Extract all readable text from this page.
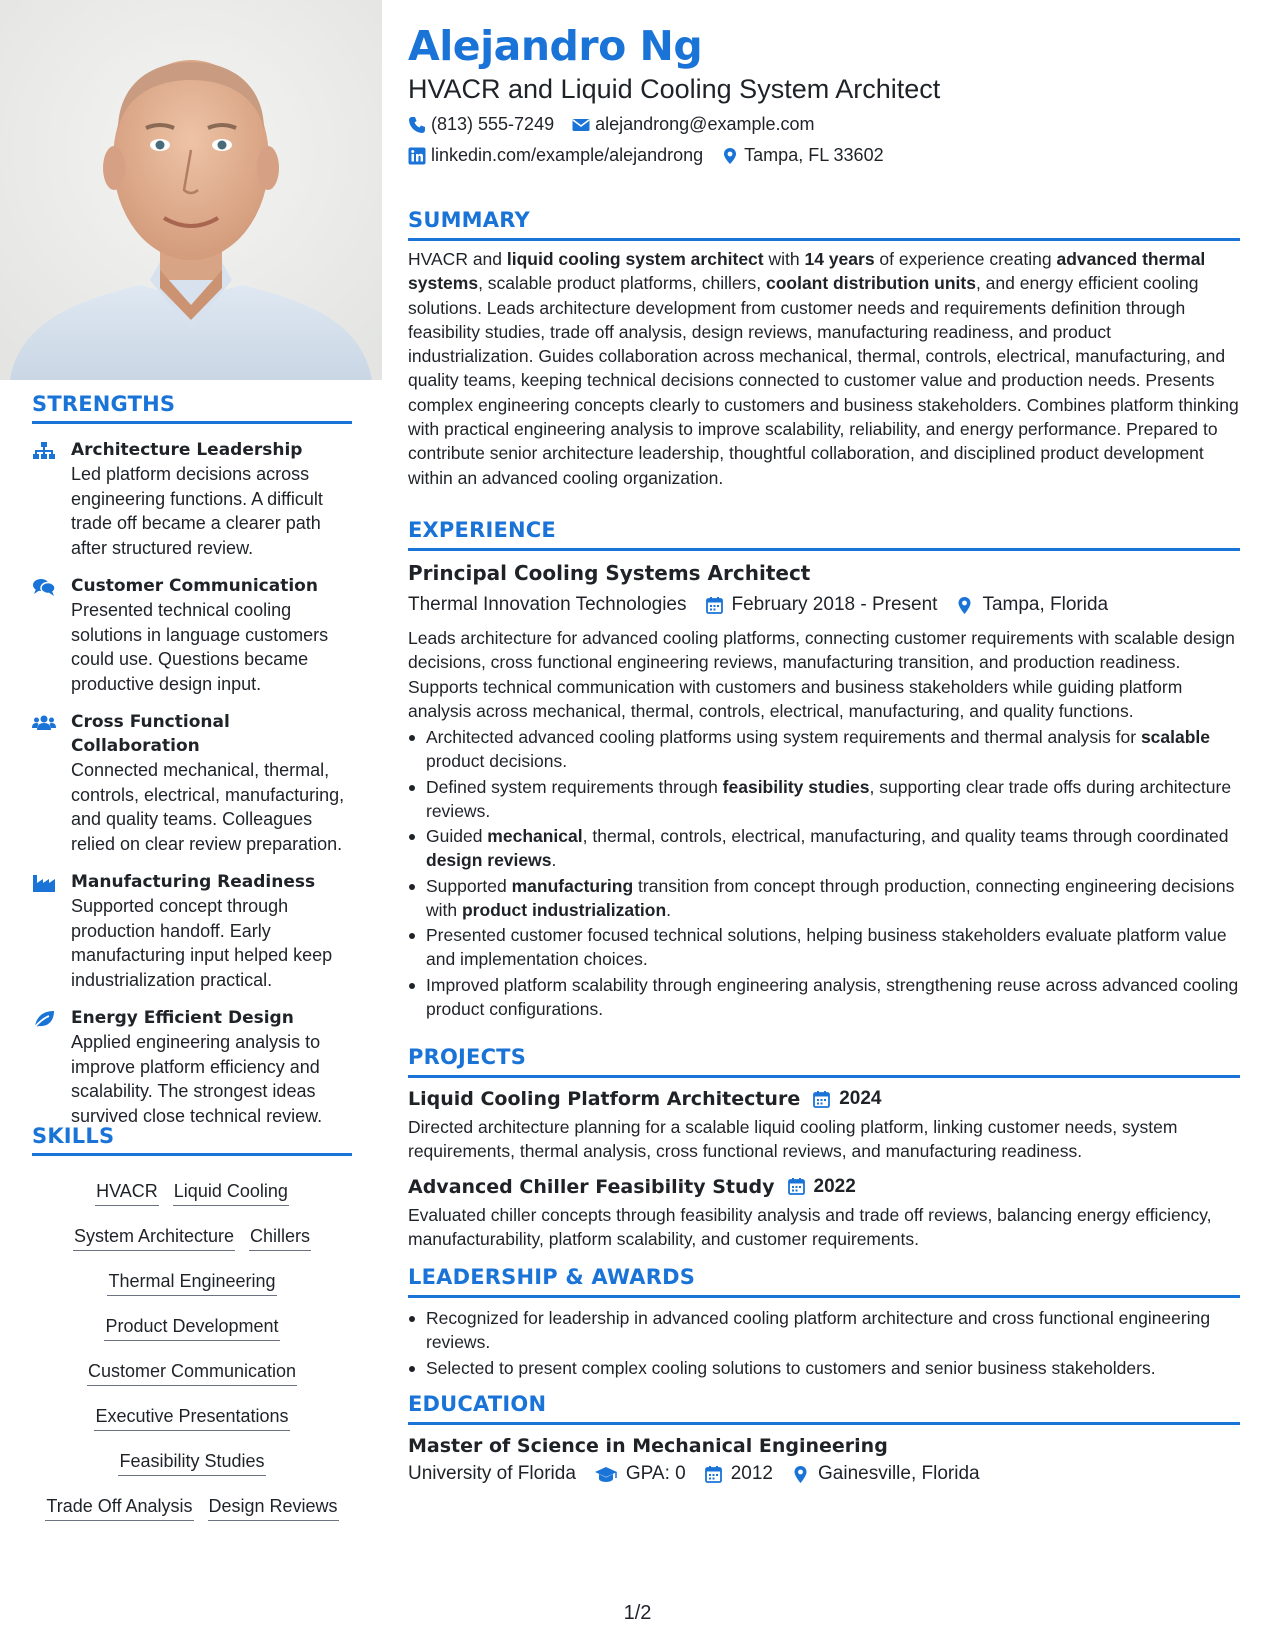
STRENGTHS
Architecture Leadership
Led platform decisions across engineering functions. A difficult trade off became a clearer path after structured review.
Customer Communication
Presented technical cooling solutions in language customers could use. Questions became productive design input.
Cross Functional Collaboration
Connected mechanical, thermal, controls, electrical, manufacturing, and quality teams. Colleagues relied on clear review preparation.
Manufacturing Readiness
Supported concept through production handoff. Early manufacturing input helped keep industrialization practical.
Energy Efficient Design
Applied engineering analysis to improve platform efficiency and scalability. The strongest ideas survived close technical review.
SKILLS
HVACR Liquid Cooling
System Architecture Chillers
Thermal Engineering
Product Development
Customer Communication
Executive Presentations
Feasibility Studies
Trade Off Analysis Design Reviews
Alejandro Ng
HVACR and Liquid Cooling System Architect
(813) 555-7249 alejandrong@example.com
linkedin.com/example/alejandrong Tampa, FL 33602
SUMMARY
HVACR and liquid cooling system architect with 14 years of experience creating advanced thermal systems, scalable product platforms, chillers, coolant distribution units, and energy efficient cooling solutions. Leads architecture development from customer needs and requirements definition through feasibility studies, trade off analysis, design reviews, manufacturing readiness, and product industrialization. Guides collaboration across mechanical, thermal, controls, electrical, manufacturing, and quality teams, keeping technical decisions connected to customer value and production needs. Presents complex engineering concepts clearly to customers and business stakeholders. Combines platform thinking with practical engineering analysis to improve scalability, reliability, and energy performance. Prepared to contribute senior architecture leadership, thoughtful collaboration, and disciplined product development within an advanced cooling organization.
EXPERIENCE
Principal Cooling Systems Architect
Thermal Innovation Technologies February 2018 - Present Tampa, Florida
Leads architecture for advanced cooling platforms, connecting customer requirements with scalable design decisions, cross functional engineering reviews, manufacturing transition, and production readiness. Supports technical communication with customers and business stakeholders while guiding platform analysis across mechanical, thermal, controls, electrical, manufacturing, and quality functions.
Architected advanced cooling platforms using system requirements and thermal analysis for scalable product decisions.
Defined system requirements through feasibility studies, supporting clear trade offs during architecture reviews.
Guided mechanical, thermal, controls, electrical, manufacturing, and quality teams through coordinated design reviews.
Supported manufacturing transition from concept through production, connecting engineering decisions with product industrialization.
Presented customer focused technical solutions, helping business stakeholders evaluate platform value and implementation choices.
Improved platform scalability through engineering analysis, strengthening reuse across advanced cooling product configurations.
PROJECTS
Liquid Cooling Platform Architecture 2024
Directed architecture planning for a scalable liquid cooling platform, linking customer needs, system requirements, thermal analysis, cross functional reviews, and manufacturing readiness.
Advanced Chiller Feasibility Study 2022
Evaluated chiller concepts through feasibility analysis and trade off reviews, balancing energy efficiency, manufacturability, platform scalability, and customer requirements.
LEADERSHIP & AWARDS
Recognized for leadership in advanced cooling platform architecture and cross functional engineering reviews.
Selected to present complex cooling solutions to customers and senior business stakeholders.
EDUCATION
Master of Science in Mechanical Engineering
University of Florida	GPA: 0 2012 Gainesville, Florida
1/2
